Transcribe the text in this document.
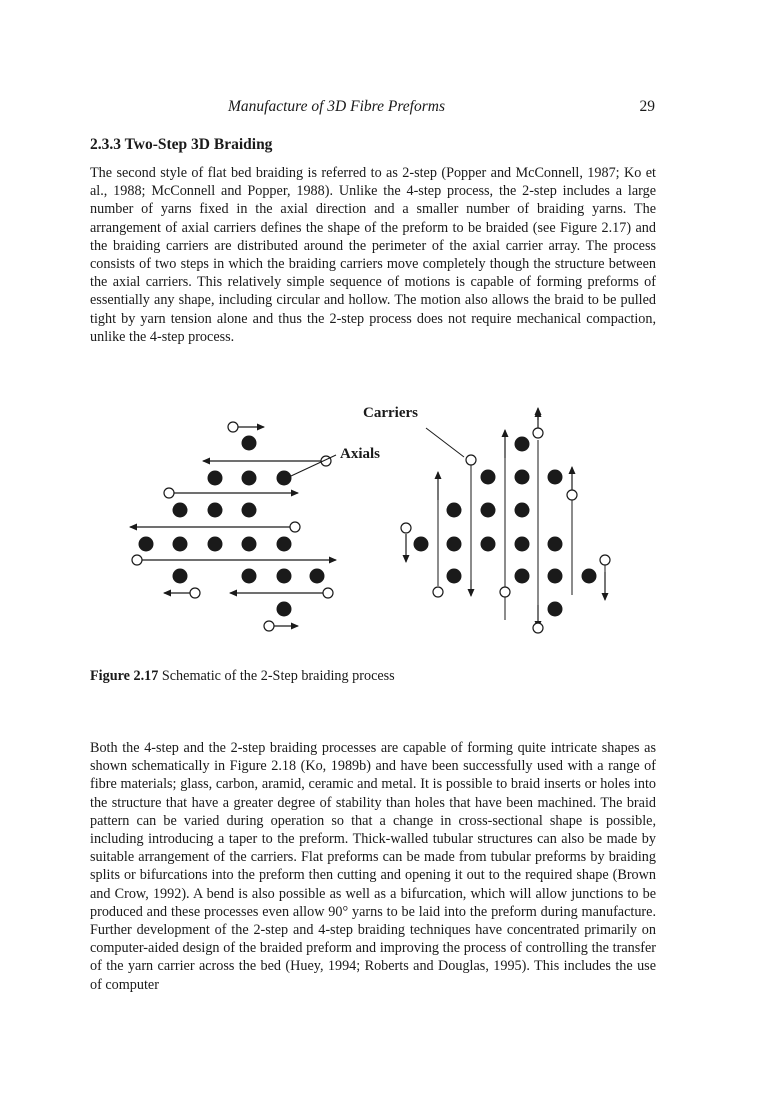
Manufacture of 3D Fibre Preforms	29
2.3.3 Two-Step 3D Braiding

The second style of flat bed braiding is referred to as 2-step (Popper and McConnell, 1987; Ko et al., 1988; McConnell and Popper, 1988). Unlike the 4-step process, the 2-step includes a large number of yarns fixed in the axial direction and a smaller number of braiding yarns. The arrangement of axial carriers defines the shape of the preform to be braided (see Figure 2.17) and the braiding carriers are distributed around the perimeter of the axial carrier array. The process consists of two steps in which the braiding carriers move completely though the structure between the axial carriers. This relatively simple sequence of motions is capable of forming preforms of essentially any shape, including circular and hollow. The motion also allows the braid to be pulled tight by yarn tension alone and thus the 2-step process does not require mechanical compaction, unlike the 4-step process.

Axials
Carriers

Figure 2.17 Schematic of the 2-Step braiding process

Both the 4-step and the 2-step braiding processes are capable of forming quite intricate shapes as shown schematically in Figure 2.18 (Ko, 1989b) and have been successfully used with a range of fibre materials; glass, carbon, aramid, ceramic and metal. It is possible to braid inserts or holes into the structure that have a greater degree of stability than holes that have been machined. The braid pattern can be varied during operation so that a change in cross-sectional shape is possible, including introducing a taper to the preform. Thick-walled tubular structures can also be made by suitable arrangement of the carriers. Flat preforms can be made from tubular preforms by braiding splits or bifurcations into the preform then cutting and opening it out to the required shape (Brown and Crow, 1992). A bend is also possible as well as a bifurcation, which will allow junctions to be produced and these processes even allow 90° yarns to be laid into the preform during manufacture. Further development of the 2-step and 4-step braiding techniques have concentrated primarily on computer-aided design of the braided preform and improving the process of controlling the transfer of the yarn carrier across the bed (Huey, 1994; Roberts and Douglas, 1995). This includes the use of computer
